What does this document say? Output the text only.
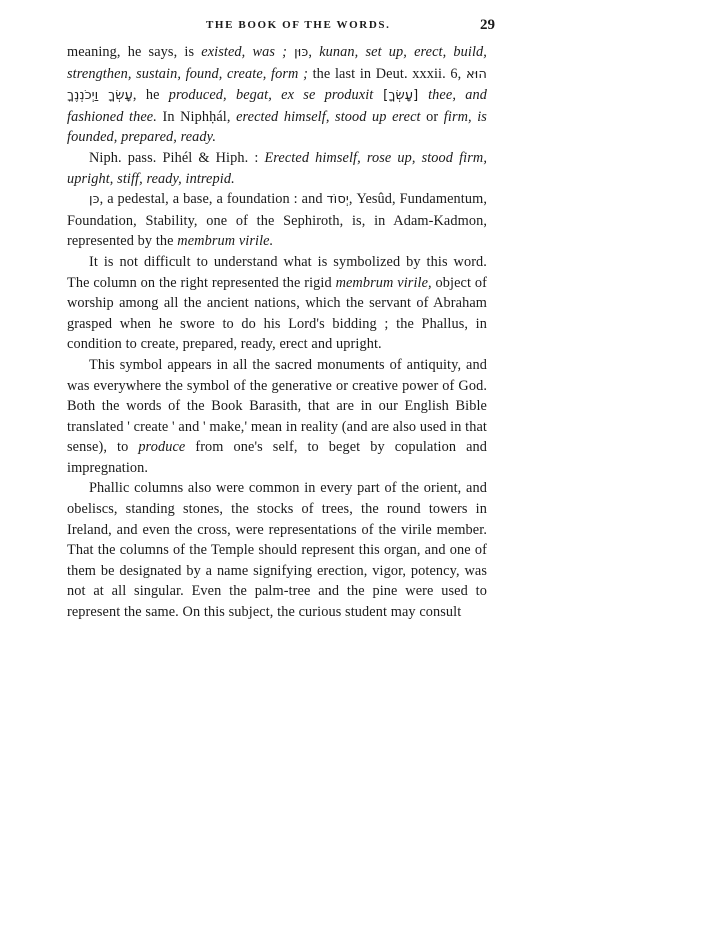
THE BOOK OF THE WORDS.	29

meaning, he says, is existed, was ; כּוּן, kunan, set up, erect, build, strengthen, sustain, found, create, form ; the last in Deut. xxxii. 6, הוּא עָשְׂךָ וַיְכֹנְנֶךָ, he produced, begat, ex se produxit [עָשְׂךָ] thee, and fashioned thee. In Niphḥál, erected himself, stood up erect or firm, is founded, prepared, ready.

Niph. pass. Pihél & Hiph. : Erected himself, rose up, stood firm, upright, stiff, ready, intrepid.

כּן, a pedestal, a base, a foundation : and יְסוֹד, Yesûd, Fundamentum, Foundation, Stability, one of the Sephiroth, is, in Adam-Kadmon, represented by the membrum virile.

It is not difficult to understand what is symbolized by this word. The column on the right represented the rigid membrum virile, object of worship among all the ancient nations, which the servant of Abraham grasped when he swore to do his Lord's bidding ; the Phallus, in condition to create, prepared, ready, erect and upright.

This symbol appears in all the sacred monuments of antiquity, and was everywhere the symbol of the generative or creative power of God. Both the words of the Book Barasith, that are in our English Bible translated ' create ' and ' make,' mean in reality (and are also used in that sense), to produce from one's self, to beget by copulation and impregnation.

Phallic columns also were common in every part of the orient, and obeliscs, standing stones, the stocks of trees, the round towers in Ireland, and even the cross, were representations of the virile member. That the columns of the Temple should represent this organ, and one of them be designated by a name signifying erection, vigor, potency, was not at all singular. Even the palm-tree and the pine were used to represent the same. On this subject, the curious student may consult
